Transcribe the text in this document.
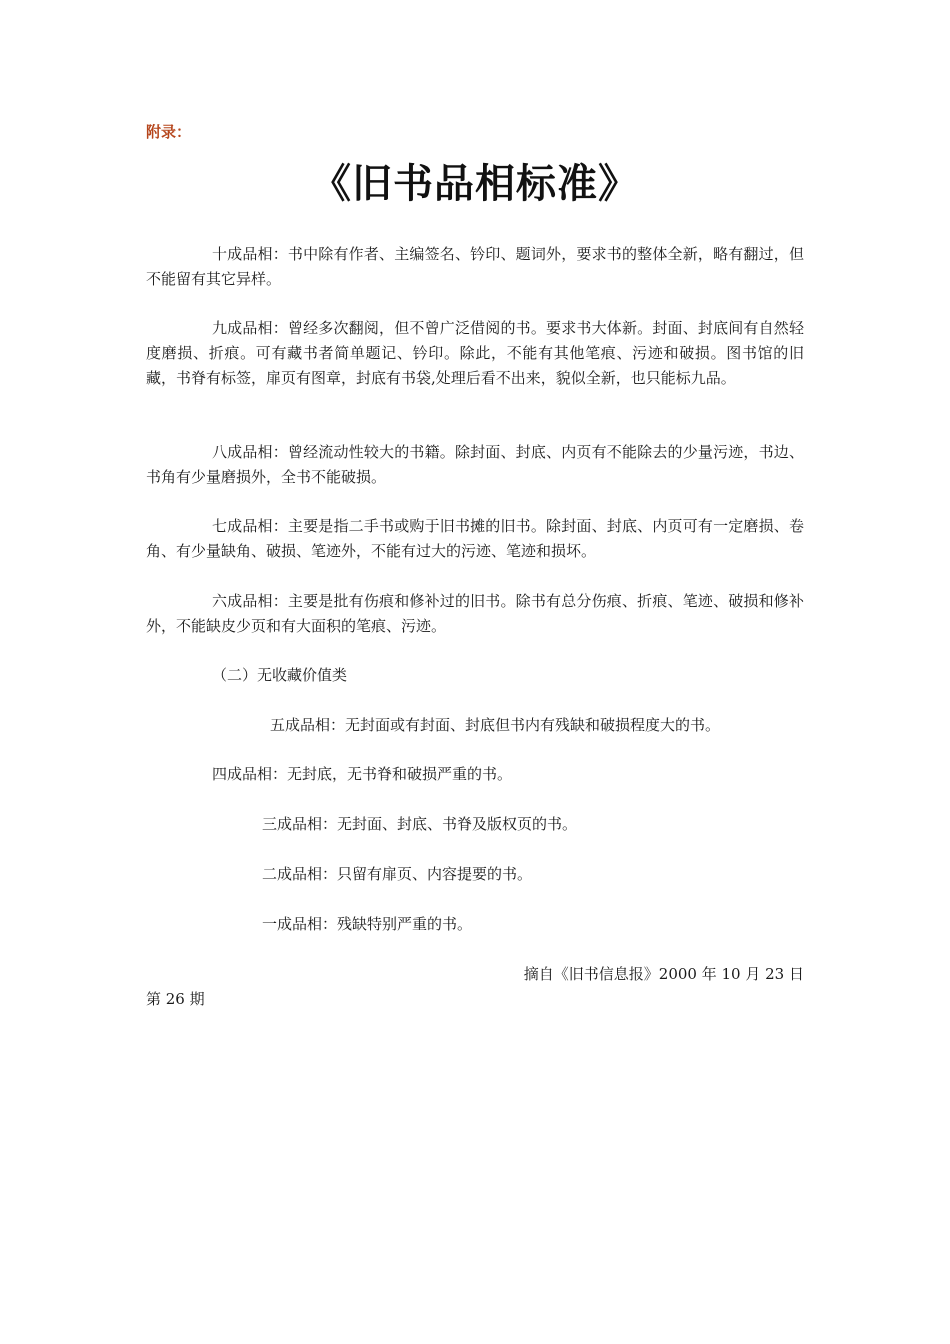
附录：
《旧书品相标准》

十成品相：书中除有作者、主编签名、钤印、题词外，要求书的整体全新，略有翻过，但不能留有其它异样。

九成品相：曾经多次翻阅，但不曾广泛借阅的书。要求书大体新。封面、封底间有自然轻度磨损、折痕。可有藏书者简单题记、钤印。除此，不能有其他笔痕、污迹和破损。图书馆的旧藏，书脊有标签，扉页有图章，封底有书袋,处理后看不出来，貌似全新，也只能标九品。

八成品相：曾经流动性较大的书籍。除封面、封底、内页有不能除去的少量污迹，书边、书角有少量磨损外，全书不能破损。

七成品相：主要是指二手书或购于旧书摊的旧书。除封面、封底、内页可有一定磨损、卷角、有少量缺角、破损、笔迹外，不能有过大的污迹、笔迹和损坏。

六成品相：主要是批有伤痕和修补过的旧书。除书有总分伤痕、折痕、笔迹、破损和修补外，不能缺皮少页和有大面积的笔痕、污迹。

（二）无收藏价值类

五成品相：无封面或有封面、封底但书内有残缺和破损程度大的书。

四成品相：无封底，无书脊和破损严重的书。

三成品相：无封面、封底、书脊及版权页的书。

二成品相：只留有扉页、内容提要的书。

一成品相：残缺特别严重的书。

摘自《旧书信息报》2000 年 10 月 23 日

第 26 期
